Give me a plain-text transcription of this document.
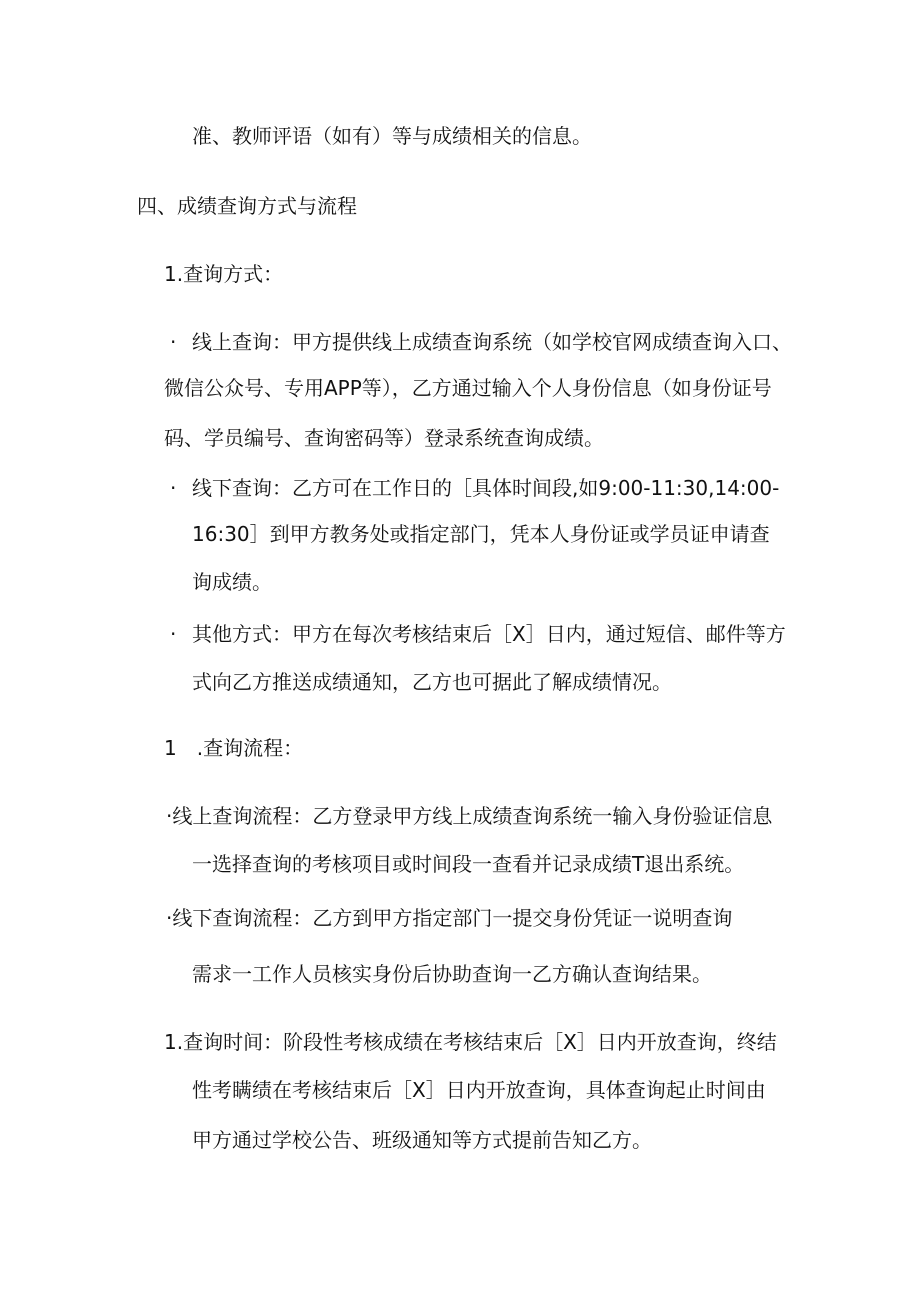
准、教师评语（如有）等与成绩相关的信息。
四、成绩查询方式与流程
1.查询方式：
· 线上查询：甲方提供线上成绩查询系统（如学校官网成绩查询入口、
微信公众号、专用APP等），乙方通过输入个人身份信息（如身份证号
码、学员编号、查询密码等）登录系统查询成绩。
· 线下查询：乙方可在工作日的［具体时间段,如9:00-11:30,14:00-
16:30］到甲方教务处或指定部门，凭本人身份证或学员证申请查
询成绩。
· 其他方式：甲方在每次考核结束后［X］日内，通过短信、邮件等方
式向乙方推送成绩通知，乙方也可据此了解成绩情况。
1　.查询流程：
·线上查询流程：乙方登录甲方线上成绩查询系统一输入身份验证信息
一选择查询的考核项目或时间段一查看并记录成绩T退出系统。
·线下查询流程：乙方到甲方指定部门一提交身份凭证一说明查询
需求一工作人员核实身份后协助查询一乙方确认查询结果。
1.查询时间：阶段性考核成绩在考核结束后［X］日内开放查询，终结
性考瞒绩在考核结束后［X］日内开放查询，具体查询起止时间由
甲方通过学校公告、班级通知等方式提前告知乙方。
